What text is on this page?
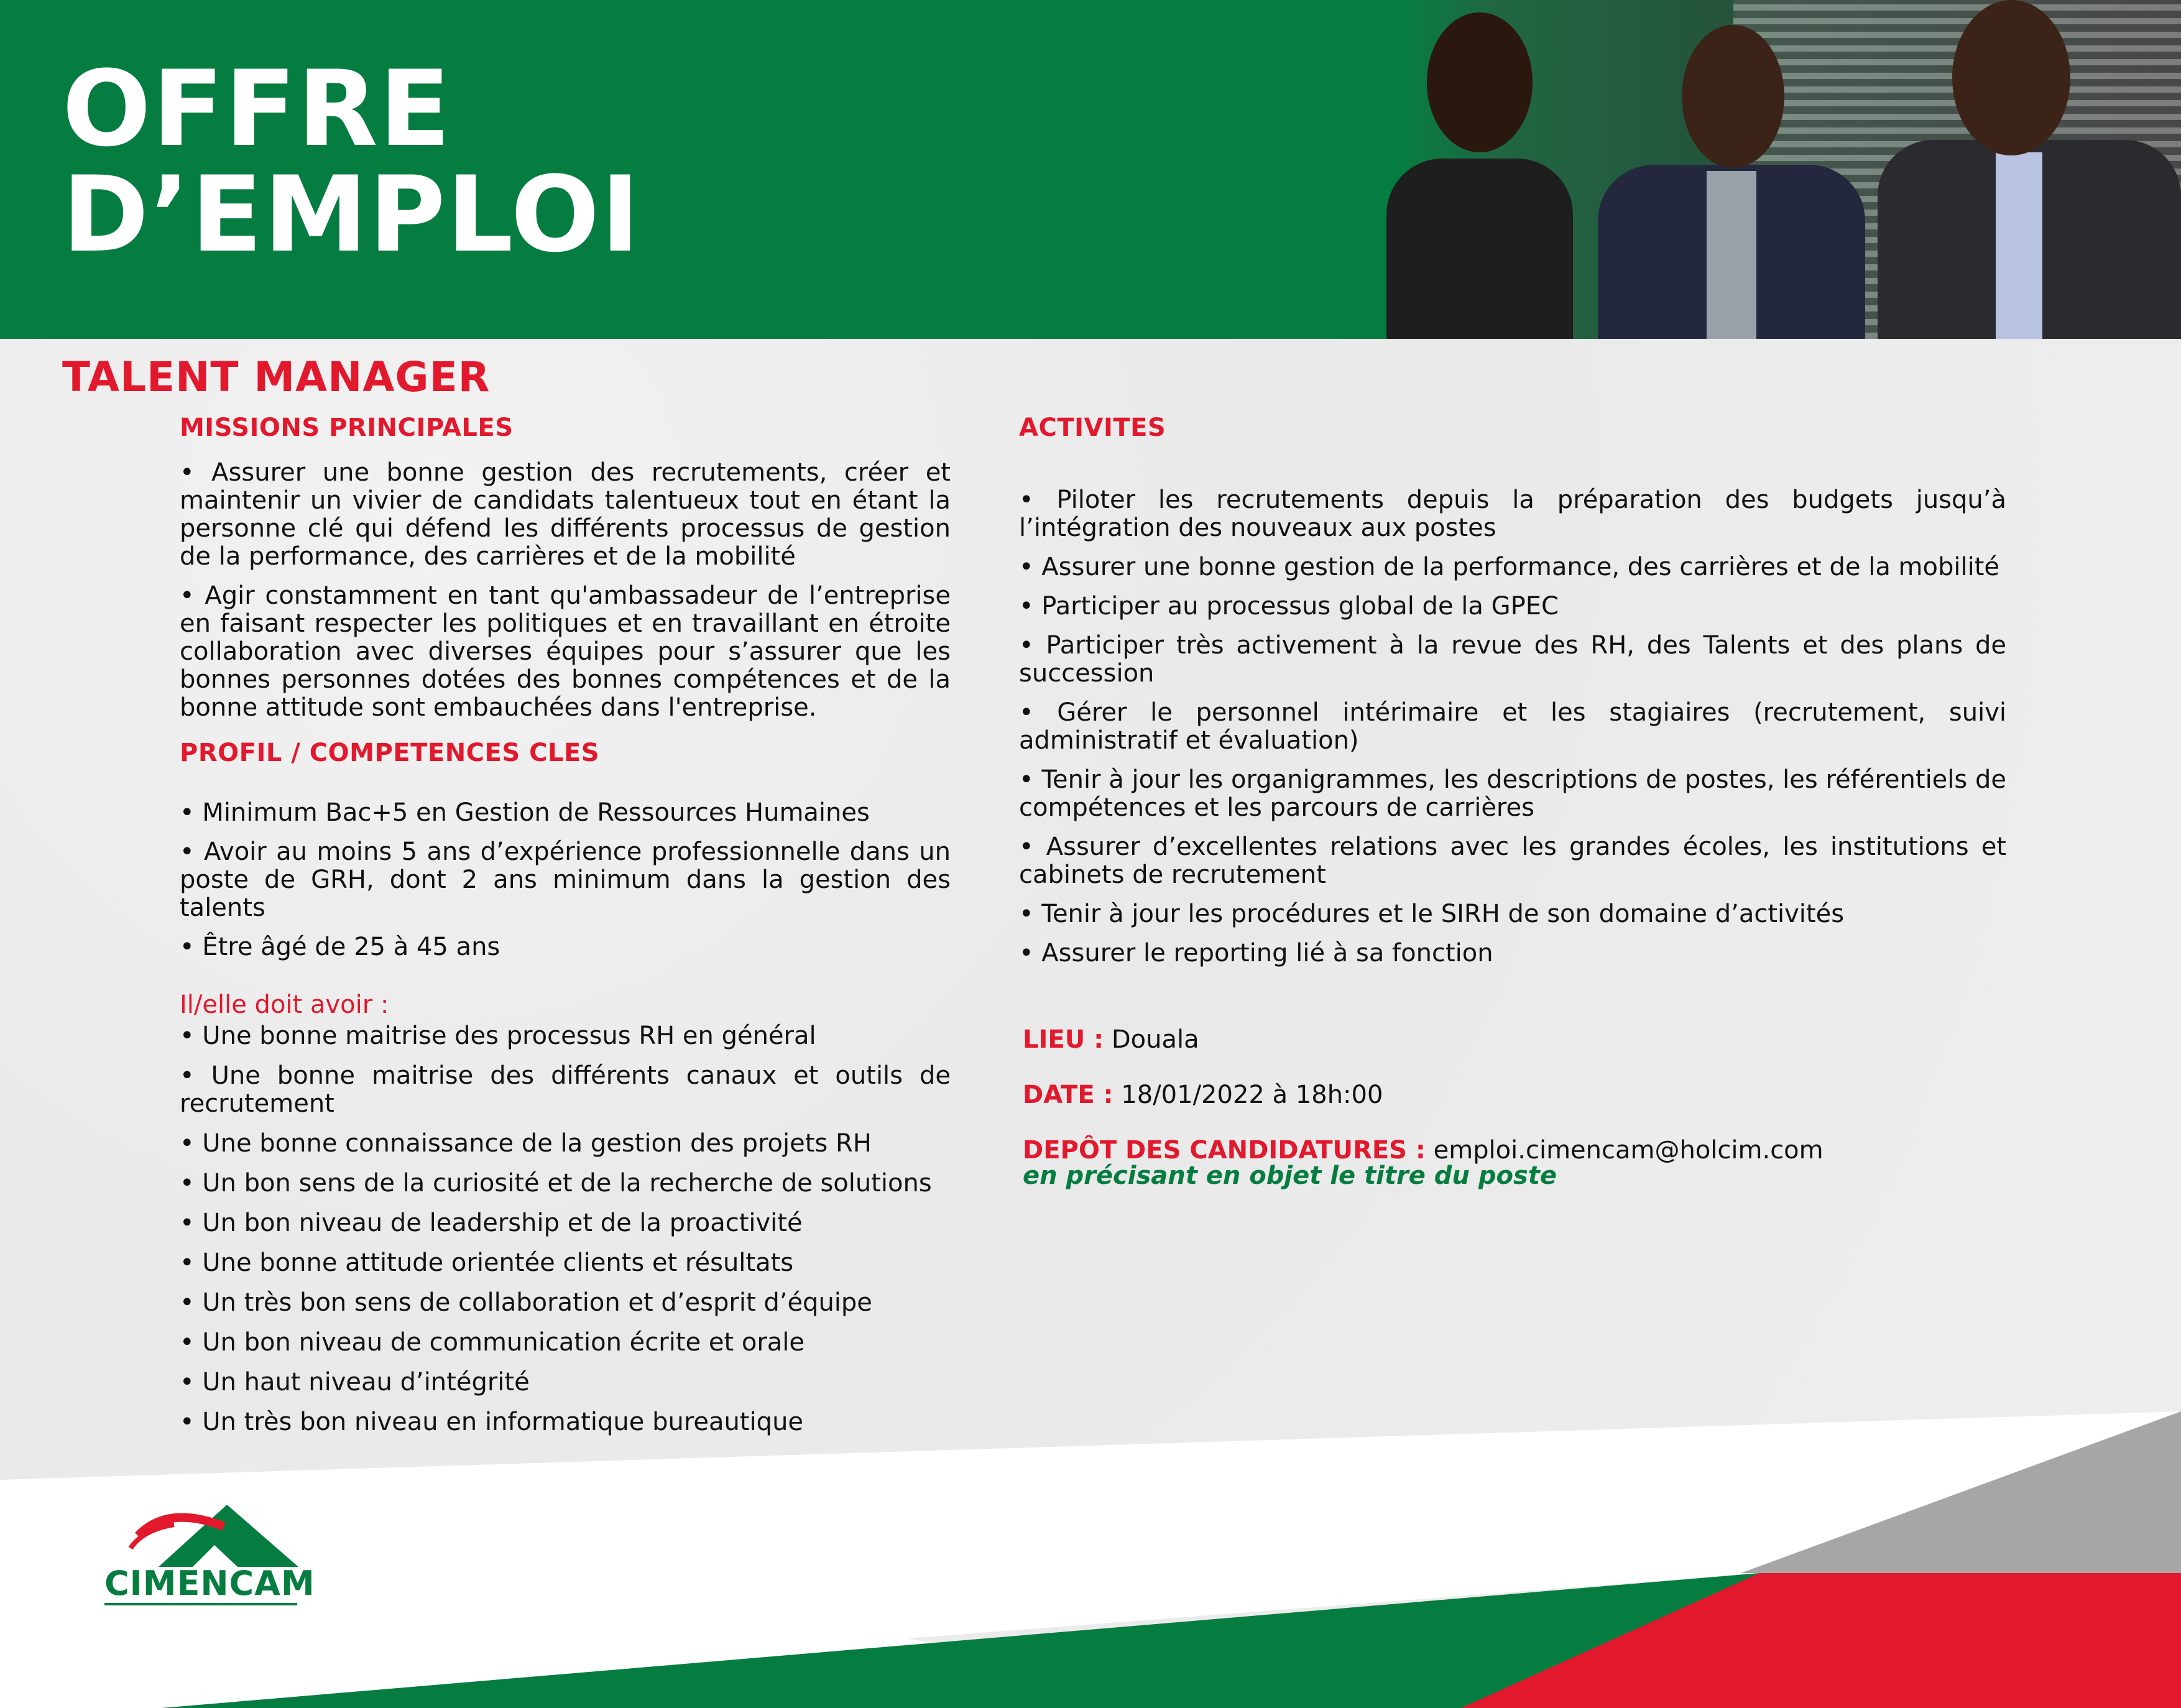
OFFRE
D’EMPLOI
TALENT MANAGER
MISSIONS PRINCIPALES
• Assurer une bonne gestion des recrutements, créer et maintenir un vivier de candidats talentueux tout en étant la personne clé qui défend les différents processus de gestion de la performance, des carrières et de la mobilité
• Agir constamment en tant qu'ambassadeur de l’entreprise en faisant respecter les politiques et en travaillant en étroite collaboration avec diverses équipes pour s’assurer que les bonnes personnes dotées des bonnes compétences et de la bonne attitude sont embauchées dans l'entreprise.
PROFIL / COMPETENCES CLES
• Minimum Bac+5 en Gestion de Ressources Humaines
• Avoir au moins 5 ans d’expérience professionnelle dans un poste de GRH, dont 2 ans minimum dans la gestion des talents
• Être âgé de 25 à 45 ans
Il/elle doit avoir :
• Une bonne maitrise des processus RH en général
• Une bonne maitrise des différents canaux et outils de recrutement
• Une bonne connaissance de la gestion des projets RH
• Un bon sens de la curiosité et de la recherche de solutions
• Un bon niveau de leadership et de la proactivité
• Une bonne attitude orientée clients et résultats
• Un très bon sens de collaboration et d’esprit d’équipe
• Un bon niveau de communication écrite et orale
• Un haut niveau d’intégrité
• Un très bon niveau en informatique bureautique
ACTIVITES
• Piloter les recrutements depuis la préparation des budgets jusqu’à l’intégration des nouveaux aux postes
• Assurer une bonne gestion de la performance, des carrières et de la mobilité
• Participer au processus global de la GPEC
• Participer très activement à la revue des RH, des Talents et des plans de succession
• Gérer le personnel intérimaire et les stagiaires (recrutement, suivi administratif et évaluation)
• Tenir à jour les organigrammes, les descriptions de postes, les référentiels de compétences et les parcours de carrières
• Assurer d’excellentes relations avec les grandes écoles, les institutions et cabinets de recrutement
• Tenir à jour les procédures et le SIRH de son domaine d’activités
• Assurer le reporting lié à sa fonction
LIEU : Douala
DATE : 18/01/2022 à 18h:00
DEPÔT DES CANDIDATURES : emploi.cimencam@holcim.com
en précisant en objet le titre du poste
CIMENCAM
